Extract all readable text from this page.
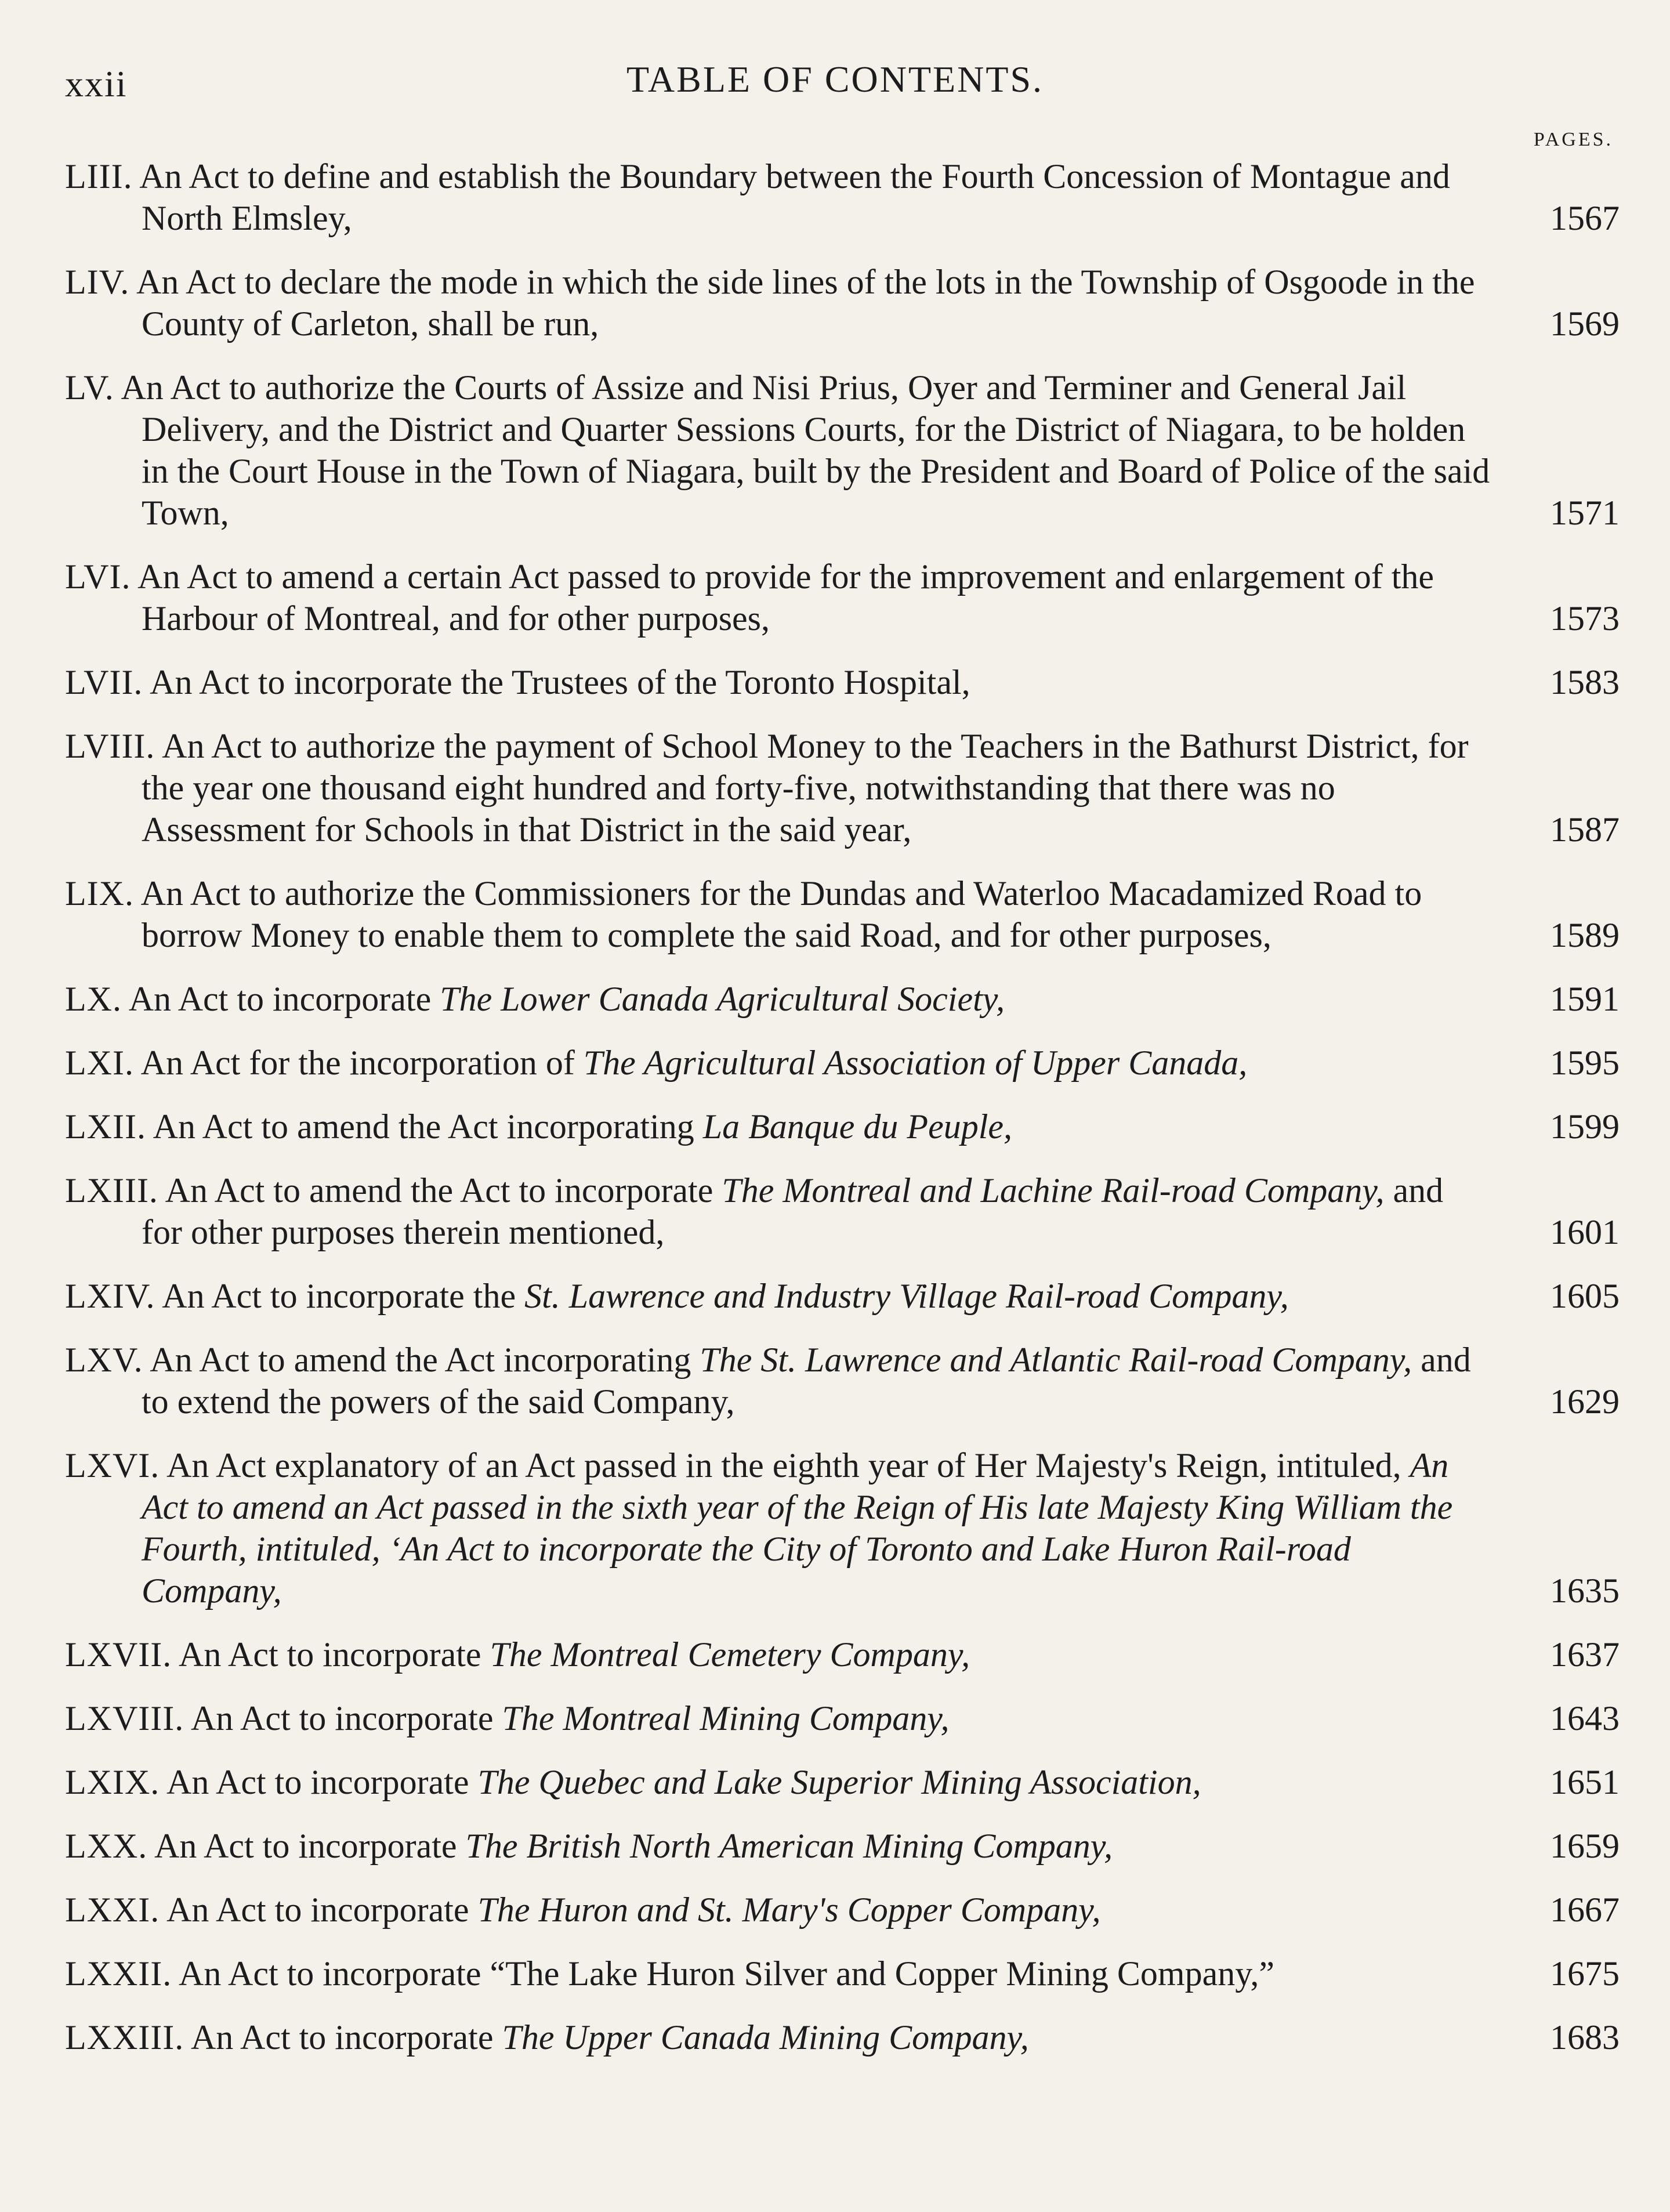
xxii	TABLE OF CONTENTS.
PAGES.
LIII. An Act to define and establish the Boundary between the Fourth Concession of Montague and North Elmsley,	1567
LIV. An Act to declare the mode in which the side lines of the lots in the Township of Osgoode in the County of Carleton, shall be run,	1569
LV. An Act to authorize the Courts of Assize and Nisi Prius, Oyer and Terminer and General Jail Delivery, and the District and Quarter Sessions Courts, for the District of Niagara, to be holden in the Court House in the Town of Niagara, built by the President and Board of Police of the said Town,	1571
LVI. An Act to amend a certain Act passed to provide for the improvement and enlargement of the Harbour of Montreal, and for other purposes,	1573
LVII. An Act to incorporate the Trustees of the Toronto Hospital,	1583
LVIII. An Act to authorize the payment of School Money to the Teachers in the Bathurst District, for the year one thousand eight hundred and forty-five, notwithstanding that there was no Assessment for Schools in that District in the said year,	1587
LIX. An Act to authorize the Commissioners for the Dundas and Waterloo Macadamized Road to borrow Money to enable them to complete the said Road, and for other purposes,	1589
LX. An Act to incorporate The Lower Canada Agricultural Society,	1591
LXI. An Act for the incorporation of The Agricultural Association of Upper Canada,	1595
LXII. An Act to amend the Act incorporating La Banque du Peuple,	1599
LXIII. An Act to amend the Act to incorporate The Montreal and Lachine Rail-road Company, and for other purposes therein mentioned,	1601
LXIV. An Act to incorporate the St. Lawrence and Industry Village Rail-road Company,	1605
LXV. An Act to amend the Act incorporating The St. Lawrence and Atlantic Rail-road Company, and to extend the powers of the said Company,	1629
LXVI. An Act explanatory of an Act passed in the eighth year of Her Majesty's Reign, intituled, An Act to amend an Act passed in the sixth year of the Reign of His late Majesty King William the Fourth, intituled, ‘An Act to incorporate the City of Toronto and Lake Huron Rail-road Company,	1635
LXVII. An Act to incorporate The Montreal Cemetery Company,	1637
LXVIII. An Act to incorporate The Montreal Mining Company,	1643
LXIX. An Act to incorporate The Quebec and Lake Superior Mining Association,	1651
LXX. An Act to incorporate The British North American Mining Company,	1659
LXXI. An Act to incorporate The Huron and St. Mary's Copper Company,	1667
LXXII. An Act to incorporate “The Lake Huron Silver and Copper Mining Company,”	1675
LXXIII. An Act to incorporate The Upper Canada Mining Company,	1683
